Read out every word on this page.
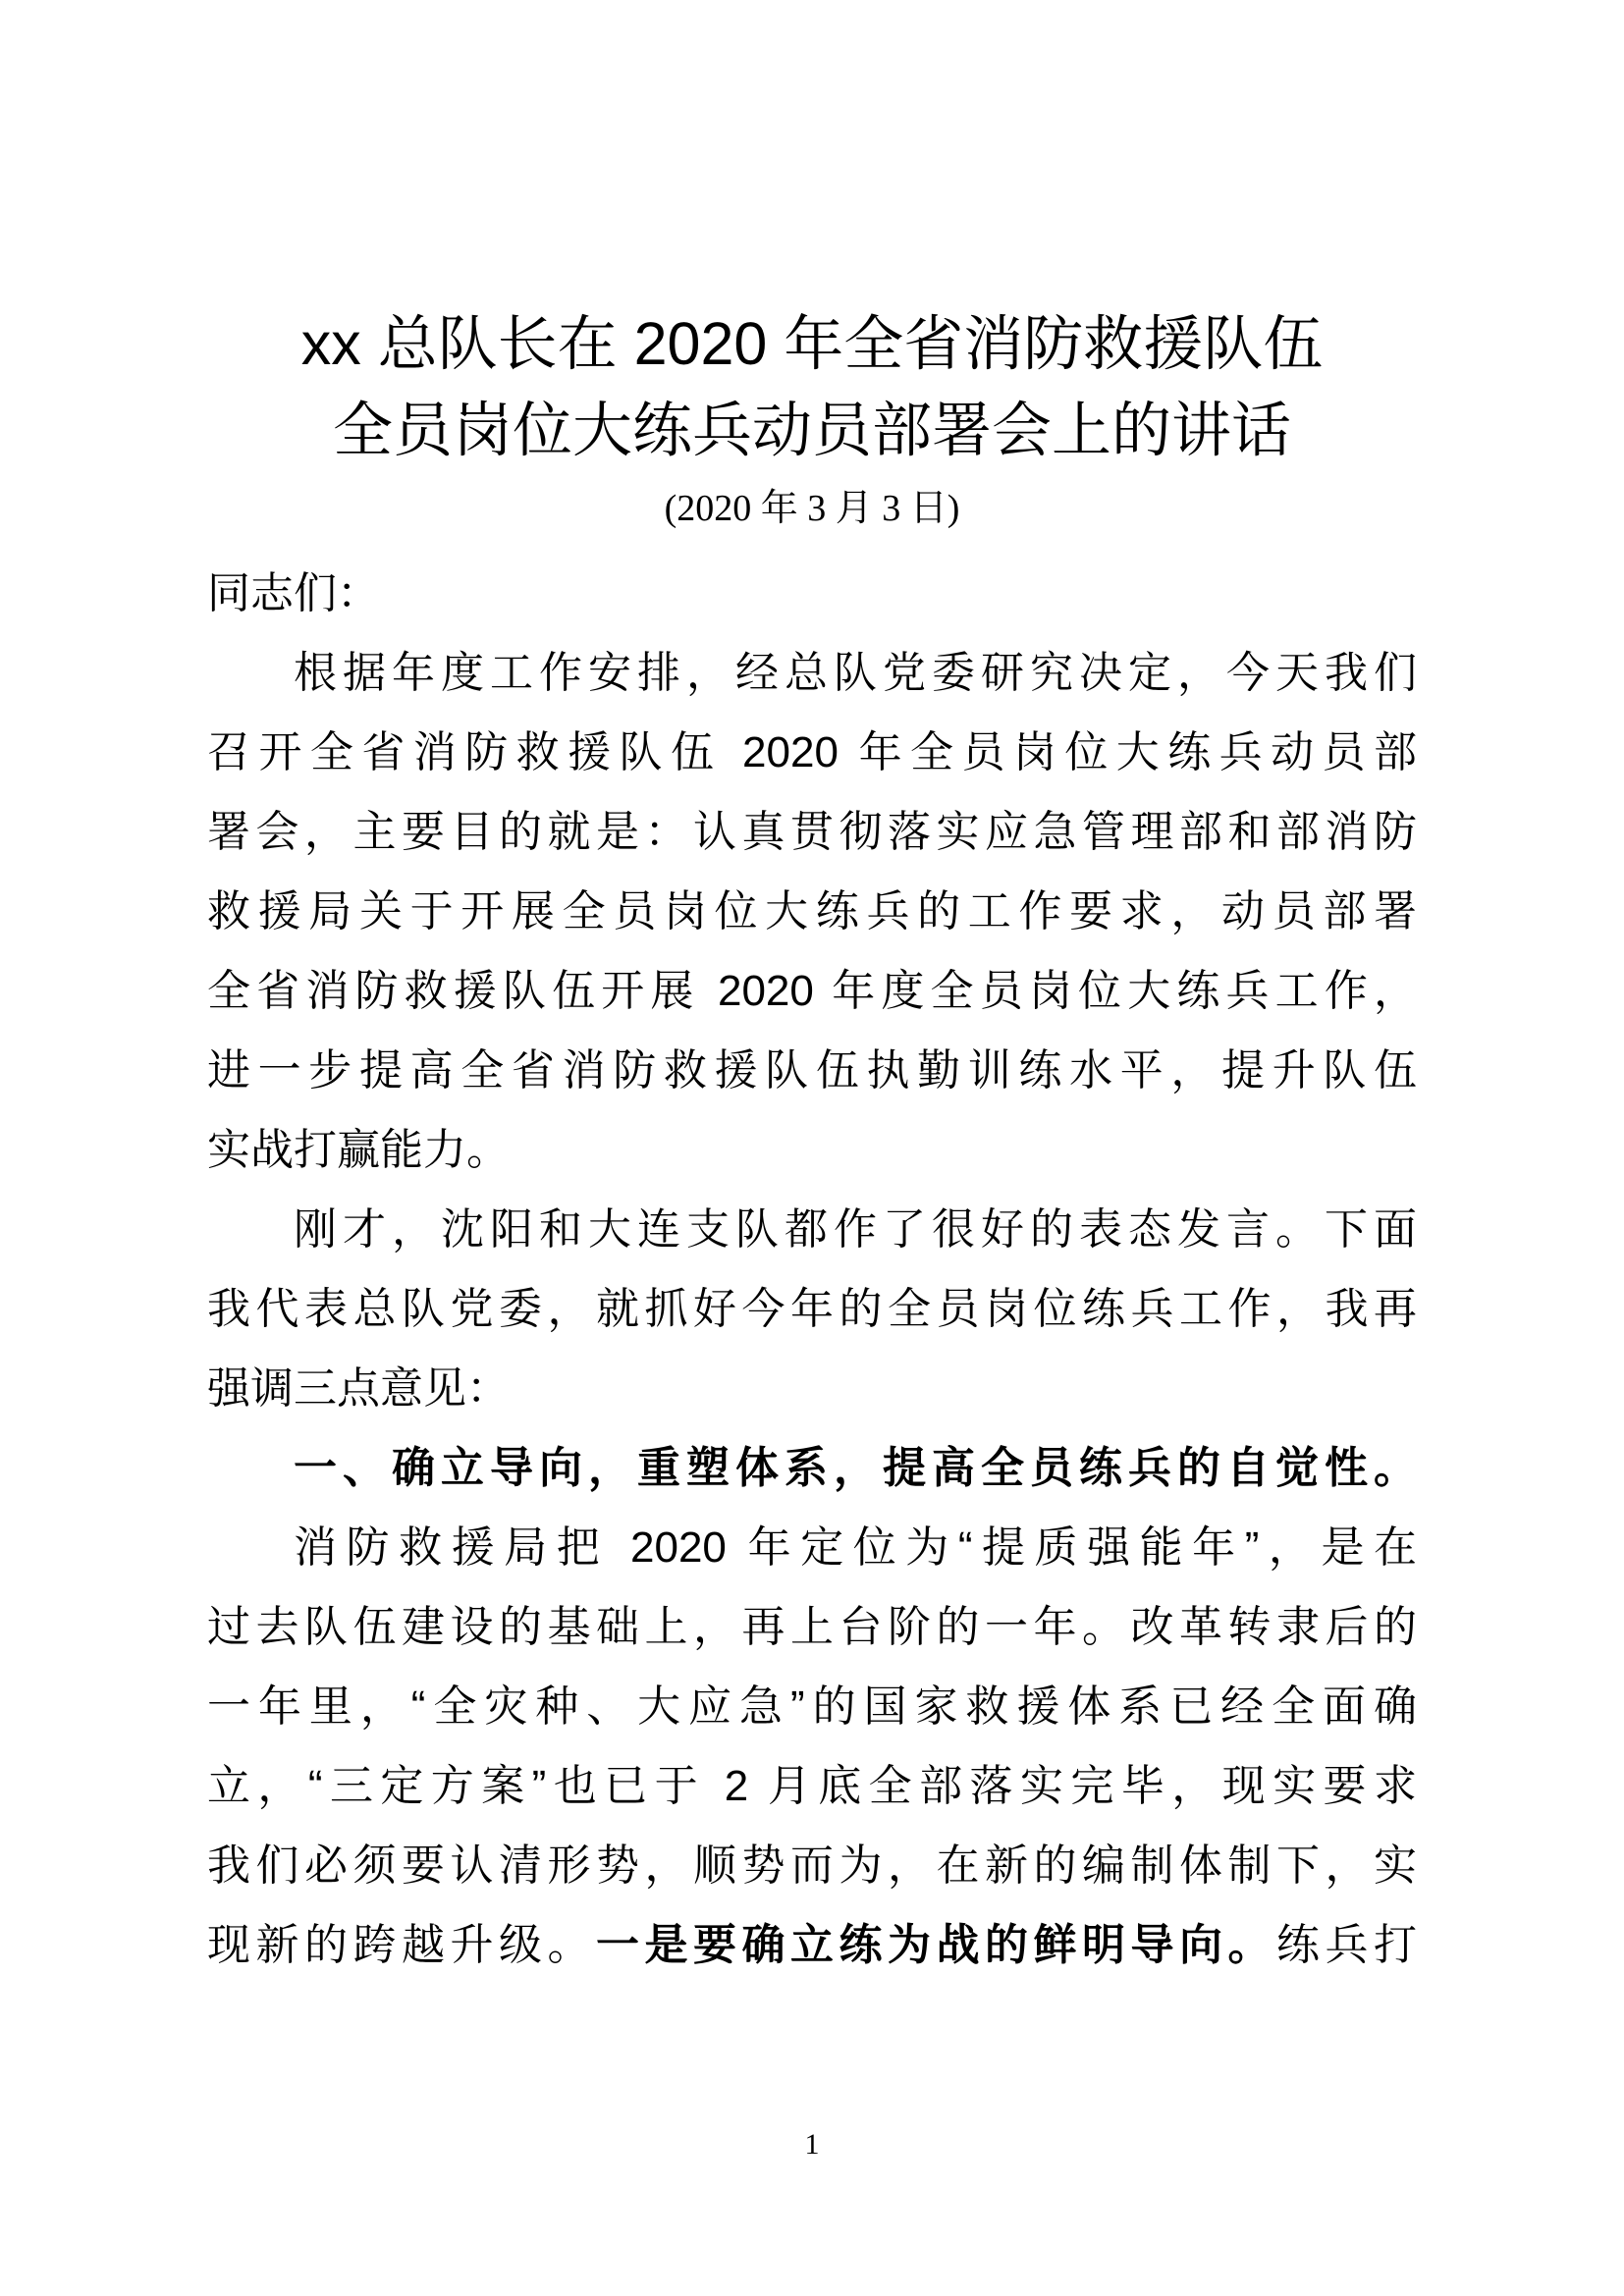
xx 总队长在 2020 年全省消防救援队伍
全员岗位大练兵动员部署会上的讲话
(2020 年 3 月 3 日)
同志们：
根据年度工作安排，经总队党委研究决定，今天我们
召开全省消防救援队伍 2020 年全员岗位大练兵动员部
署会，主要目的就是：认真贯彻落实应急管理部和部消防
救援局关于开展全员岗位大练兵的工作要求，动员部署
全省消防救援队伍开展 2020 年度全员岗位大练兵工作，
进一步提高全省消防救援队伍执勤训练水平，提升队伍
实战打赢能力。
刚才，沈阳和大连支队都作了很好的表态发言。下面
我代表总队党委，就抓好今年的全员岗位练兵工作，我再
强调三点意见：
一、确立导向，重塑体系，提高全员练兵的自觉性。
消防救援局把 2020 年定位为“提质强能年”，是在
过去队伍建设的基础上，再上台阶的一年。改革转隶后的
一年里，“全灾种、大应急”的国家救援体系已经全面确
立，“三定方案”也已于 2 月底全部落实完毕，现实要求
我们必须要认清形势，顺势而为，在新的编制体制下，实
现新的跨越升级。一是要确立练为战的鲜明导向。练兵打
1
